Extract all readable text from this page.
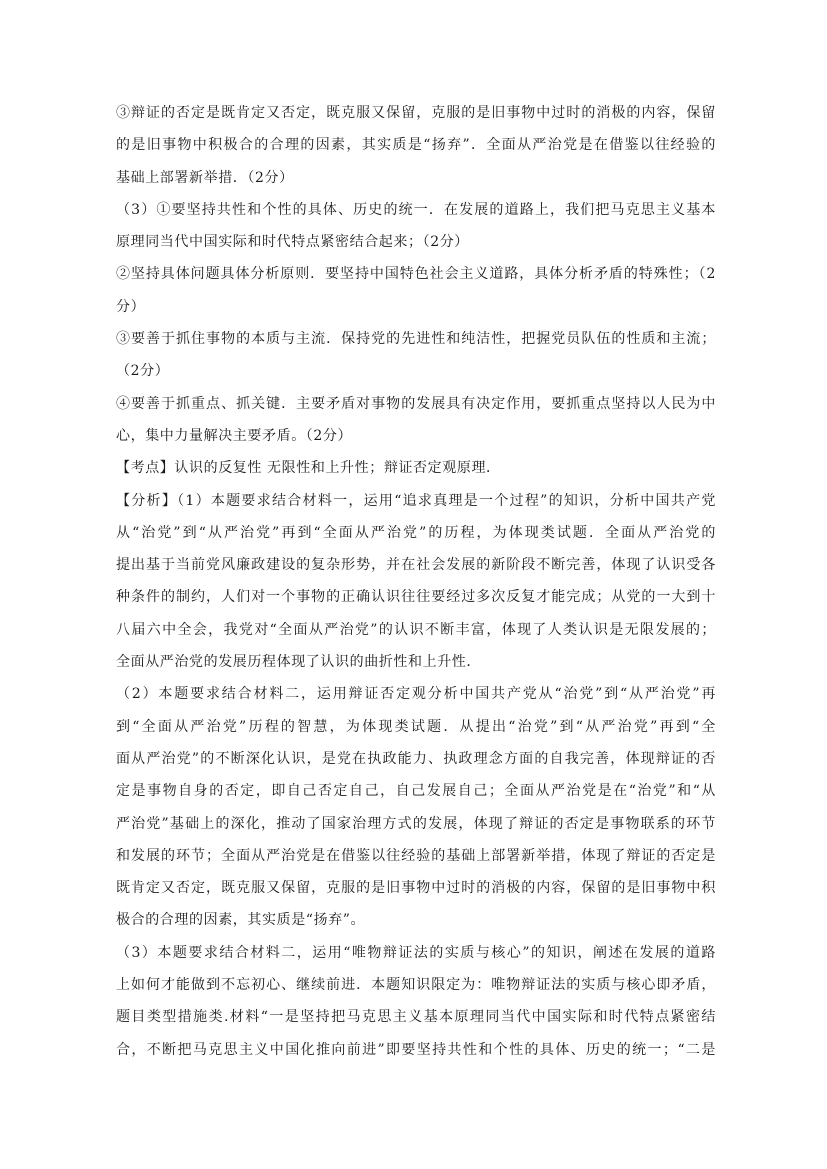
③辩证的否定是既肯定又否定，既克服又保留，克服的是旧事物中过时的消极的内容，保留
的是旧事物中积极合的合理的因素，其实质是“扬弃”．全面从严治党是在借鉴以往经验的
基础上部署新举措．（2分）
（3）①要坚持共性和个性的具体、历史的统一．在发展的道路上，我们把马克思主义基本
原理同当代中国实际和时代特点紧密结合起来；（2分）
②坚持具体问题具体分析原则．要坚持中国特色社会主义道路，具体分析矛盾的特殊性；（2
分）
③要善于抓住事物的本质与主流．保持党的先进性和纯洁性，把握党员队伍的性质和主流；
（2分）
④要善于抓重点、抓关键．主要矛盾对事物的发展具有决定作用，要抓重点坚持以人民为中
心，集中力量解决主要矛盾。（2分）
【考点】认识的反复性 无限性和上升性；辩证否定观原理．
【分析】（1）本题要求结合材料一，运用“追求真理是一个过程”的知识，分析中国共产党
从“治党”到“从严治党”再到“全面从严治党”的历程，为体现类试题．全面从严治党的
提出基于当前党风廉政建设的复杂形势，并在社会发展的新阶段不断完善，体现了认识受各
种条件的制约，人们对一个事物的正确认识往往要经过多次反复才能完成；从党的一大到十
八届六中全会，我党对“全面从严治党”的认识不断丰富，体现了人类认识是无限发展的；
全面从严治党的发展历程体现了认识的曲折性和上升性．
（2）本题要求结合材料二，运用辩证否定观分析中国共产党从“治党”到“从严治党”再
到“全面从严治党”历程的智慧，为体现类试题．从提出“治党”到“从严治党”再到“全
面从严治党”的不断深化认识，是党在执政能力、执政理念方面的自我完善，体现辩证的否
定是事物自身的否定，即自己否定自己，自己发展自己；全面从严治党是在“治党”和“从
严治党”基础上的深化，推动了国家治理方式的发展，体现了辩证的否定是事物联系的环节
和发展的环节；全面从严治党是在借鉴以往经验的基础上部署新举措，体现了辩证的否定是
既肯定又否定，既克服又保留，克服的是旧事物中过时的消极的内容，保留的是旧事物中积
极合的合理的因素，其实质是“扬弃”。
（3）本题要求结合材料二，运用“唯物辩证法的实质与核心”的知识，阐述在发展的道路
上如何才能做到不忘初心、继续前进．本题知识限定为：唯物辩证法的实质与核心即矛盾，
题目类型措施类.材料“一是坚持把马克思主义基本原理同当代中国实际和时代特点紧密结
合，不断把马克思主义中国化推向前进”即要坚持共性和个性的具体、历史的统一；“二是
